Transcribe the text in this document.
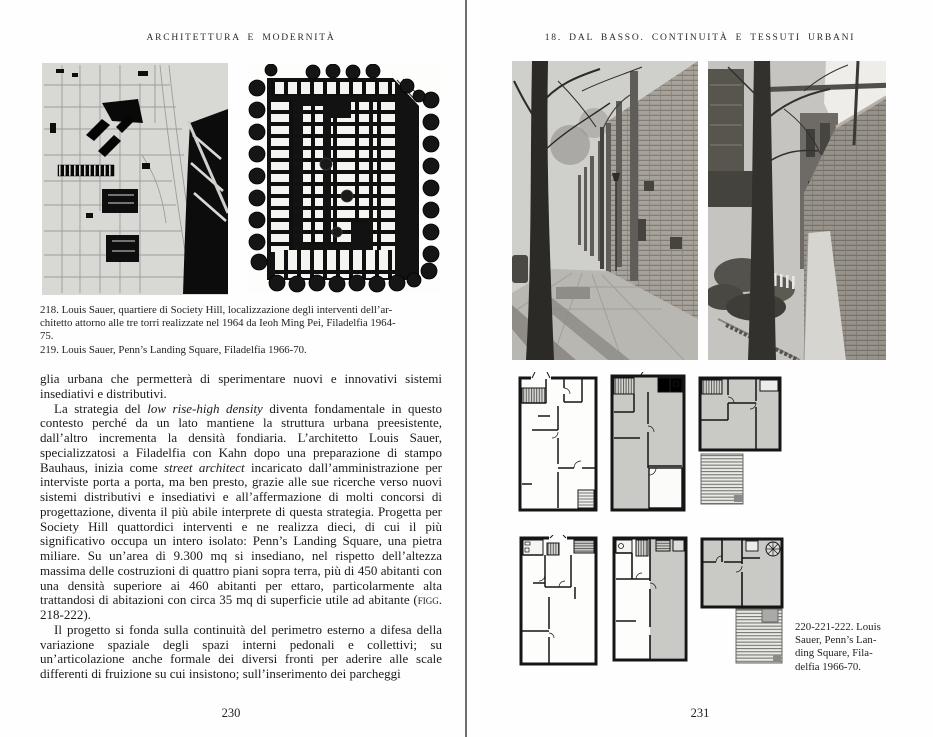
ARCHITETTURA E MODERNITÀ
218. Louis Sauer, quartiere di Society Hill, localizzazione degli interventi dell’ar-
chitetto attorno alle tre torri realizzate nel 1964 da Ieoh Ming Pei, Filadelfia 1964-
75.
219. Louis Sauer, Penn’s Landing Square, Filadelfia 1966-70.

glia urbana che permetterà di sperimentare nuovi e innovativi sistemi insediativi e distributivi.

La strategia del low rise-high density diventa fondamentale in questo contesto perché da un lato mantiene la struttura urbana preesistente, dall’altro incrementa la densità fondiaria. L’architetto Louis Sauer, specializzatosi a Filadelfia con Kahn dopo una preparazione di stampo Bauhaus, inizia come street architect incaricato dall’amministrazione per interviste porta a porta, ma ben presto, grazie alle sue ricerche verso nuovi sistemi distributivi e insediativi e all’affermazione di molti concorsi di progettazione, diventa il più abile interprete di questa strategia. Progetta per Society Hill quattordici interventi e ne realizza dieci, di cui il più significativo occupa un intero isolato: Penn’s Landing Square, una pietra miliare. Su un’area di 9.300 mq si insediano, nel rispetto dell’altezza massima delle costruzioni di quattro piani sopra terra, più di 450 abitanti con una densità superiore ai 460 abitanti per ettaro, particolarmente alta trattandosi di abitazioni con circa 35 mq di superficie utile ad abitante (figg. 218-222).

Il progetto si fonda sulla continuità del perimetro esterno a difesa della variazione spaziale degli spazi interni pedonali e collettivi; su un’articolazione anche formale dei diversi fronti per aderire alle scale differenti di fruizione su cui insistono; sull’inserimento dei parcheggi

230
18. DAL BASSO. CONTINUITÀ E TESSUTI URBANI
220-221-222. Louis
Sauer, Penn’s Lan-
ding Square, Fila-
delfia 1966-70.
231
